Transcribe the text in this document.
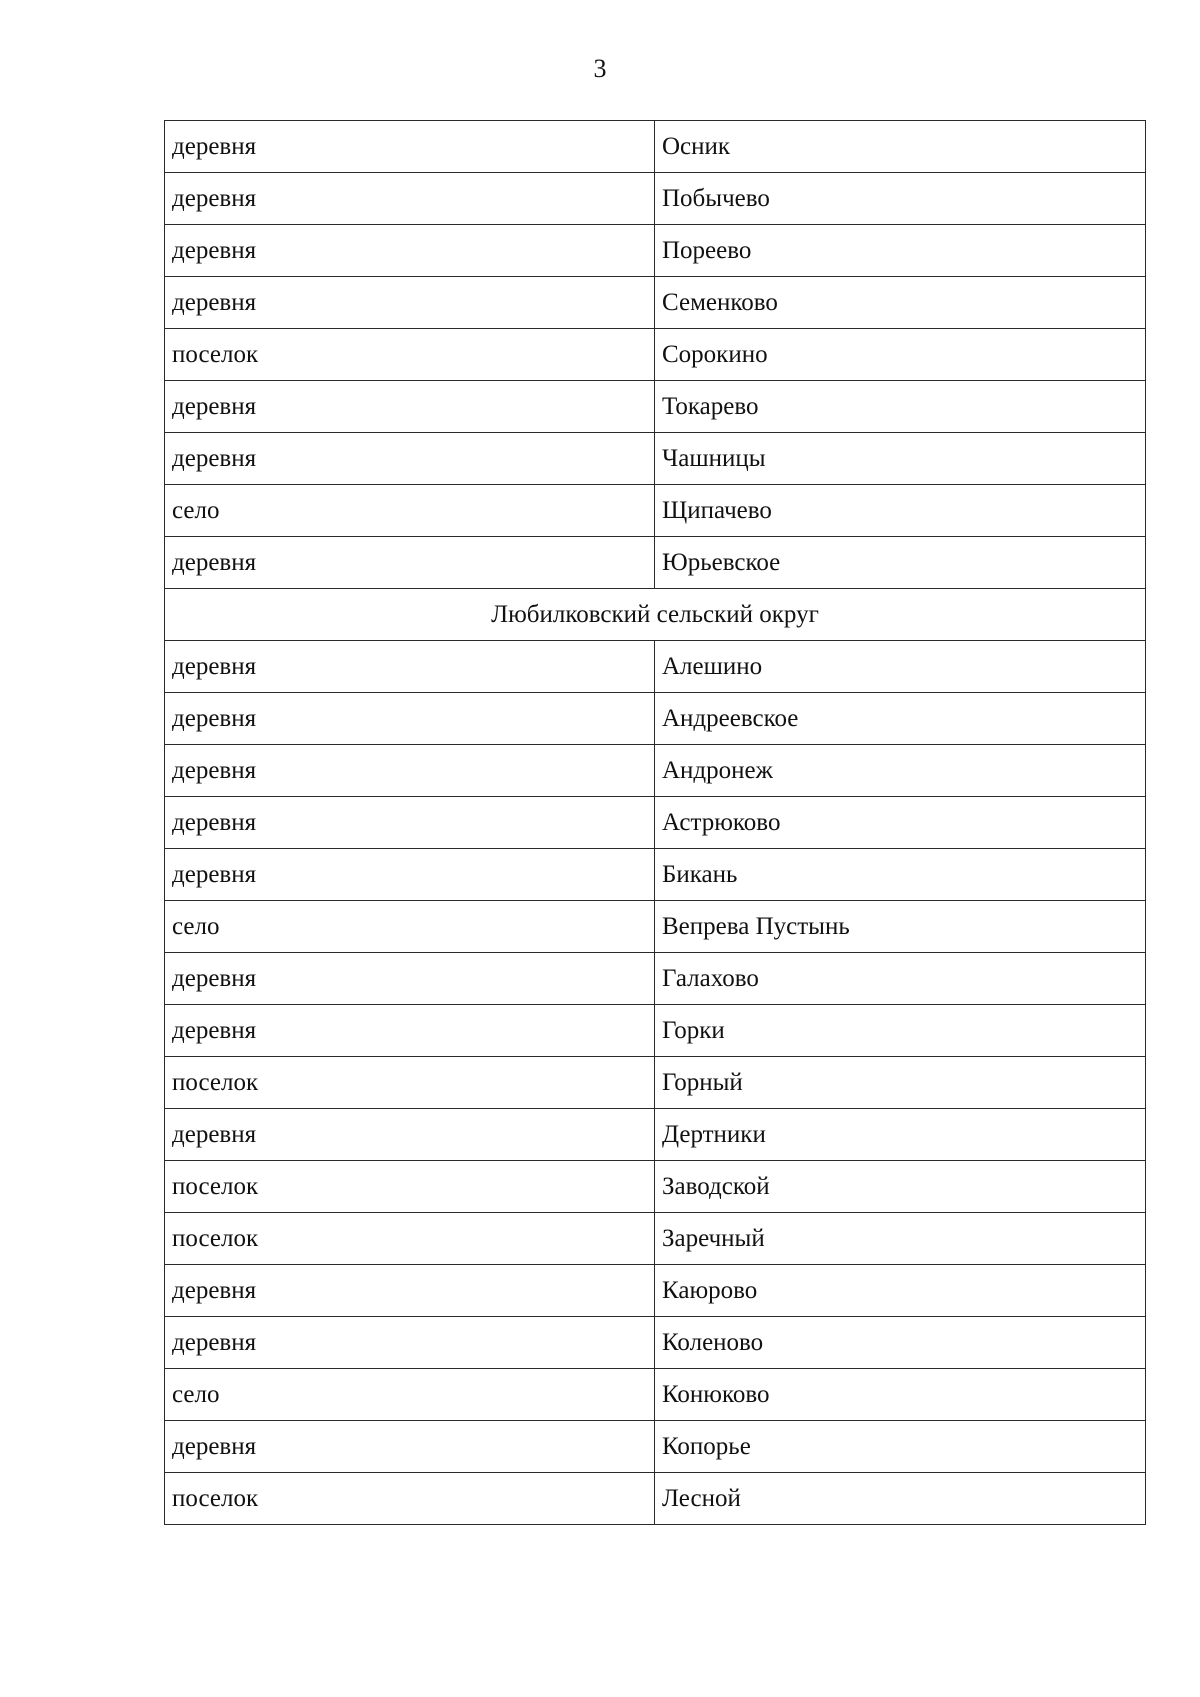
3
деревня	Осник
деревня	Побычево
деревня	Пореево
деревня	Семенково
поселок	Сорокино
деревня	Токарево
деревня	Чашницы
село	Щипачево
деревня	Юрьевское
Любилковский сельский округ	
деревня	Алешино
деревня	Андреевское
деревня	Андронеж
деревня	Астрюково
деревня	Бикань
село	Вепрева Пустынь
деревня	Галахово
деревня	Горки
поселок	Горный
деревня	Дертники
поселок	Заводской
поселок	Заречный
деревня	Каюрово
деревня	Коленово
село	Конюково
деревня	Копорье
поселок	Лесной
